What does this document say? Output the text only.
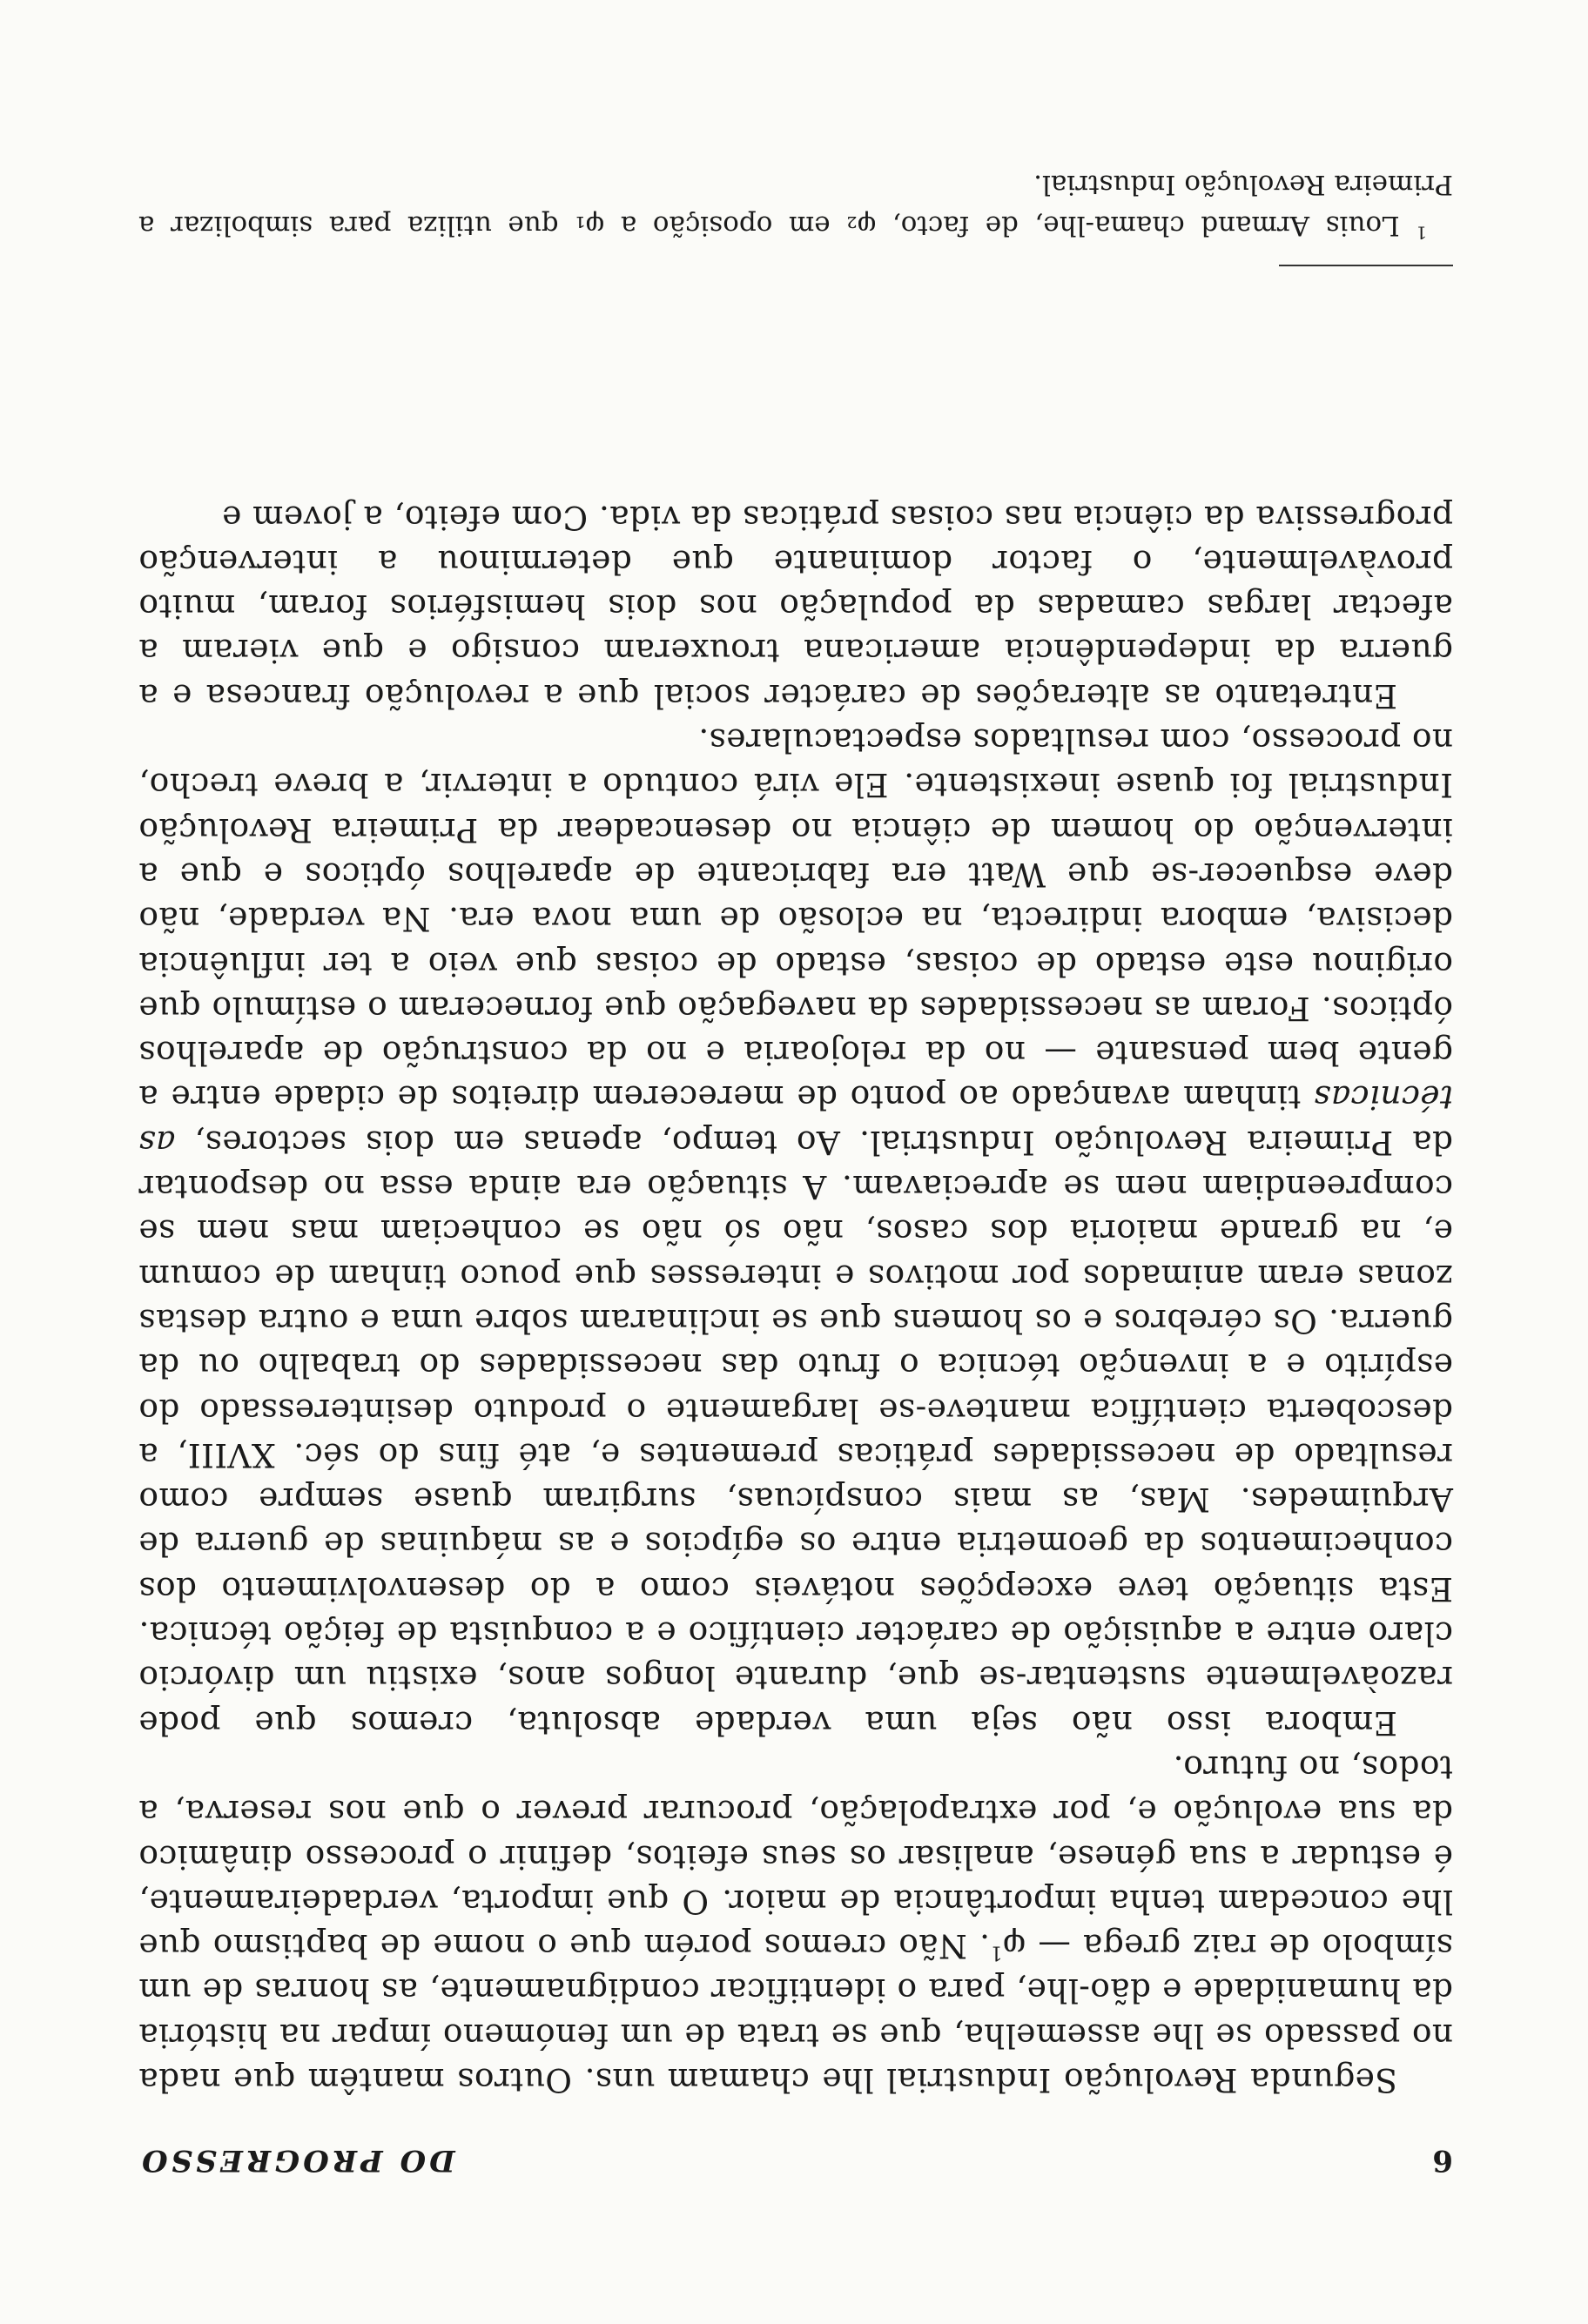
6
DO PROGRESSO

Segunda Revolução Industrial lhe chamam uns. Outros mantêm que nada no passado se lhe assemelha, que se trata de um fenómeno ímpar na história da humanidade e dão-lhe, para o identificar condignamente, as honras de um símbolo de raiz grega — $\varphi^1$. Não cremos porém que o nome de baptismo que lhe concedam tenha importância de maior. O que importa, verdadeiramente, é estudar a sua génese, analisar os seus efeitos, definir o processo dinâmico da sua evolução e, por extrapolação, procurar prever o que nos reserva, a todos, no futuro.

Embora isso não seja uma verdade absoluta, cremos que pode razoàvelmente sustentar-se que, durante longos anos, existiu um divórcio claro entre a aquisição de carácter científico e a conquista de feição técnica. Esta situação teve excepções notáveis como a do desenvolvimento dos conhecimentos da geometria entre os egípcios e as máquinas de guerra de Arquimedes. Mas, as mais conspícuas, surgiram quase sempre como resultado de necessidades práticas prementes e, até fins do séc. XVIII, a descoberta científica manteve-se largamente o produto desinteressado do espírito e a invenção técnica o fruto das necessidades do trabalho ou da guerra. Os cérebros e os homens que se inclinaram sobre uma e outra destas zonas eram animados por motivos e interesses que pouco tinham de comum e, na grande maioria dos casos, não só não se conheciam mas nem se compreendiam nem se apreciavam. A situação era ainda essa no despontar da Primeira Revolução Industrial. Ao tempo, apenas em dois sectores, as técnicas tinham avançado ao ponto de merecerem direitos de cidade entre a gente bem pensante — no da relojoaria e no da construção de aparelhos ópticos. Foram as necessidades da navegação que forneceram o estímulo que originou este estado de coisas, estado de coisas que veio a ter influência decisiva, embora indirecta, na eclosão de uma nova era. Na verdade, não deve esquecer-se que Watt era fabricante de aparelhos ópticos e que a intervenção do homem de ciência no desencadear da Primeira Revolução Industrial foi quase inexistente. Ele virá contudo a intervir, a breve trecho, no processo, com resultados espectaculares.

Entretanto as alterações de carácter social que a revolução francesa e a guerra da independência americana trouxeram consigo e que vieram a afectar largas camadas da população nos dois hemisférios foram, muito provàvelmente, o factor dominante que determinou a intervenção progressiva da ciência nas coisas práticas da vida. Com efeito, a jovem e

$^1$ Louis Armand chama-lhe, de facto, φ₂ em oposição a φ₁ que utiliza para simbolizar a Primeira Revolução Industrial.
